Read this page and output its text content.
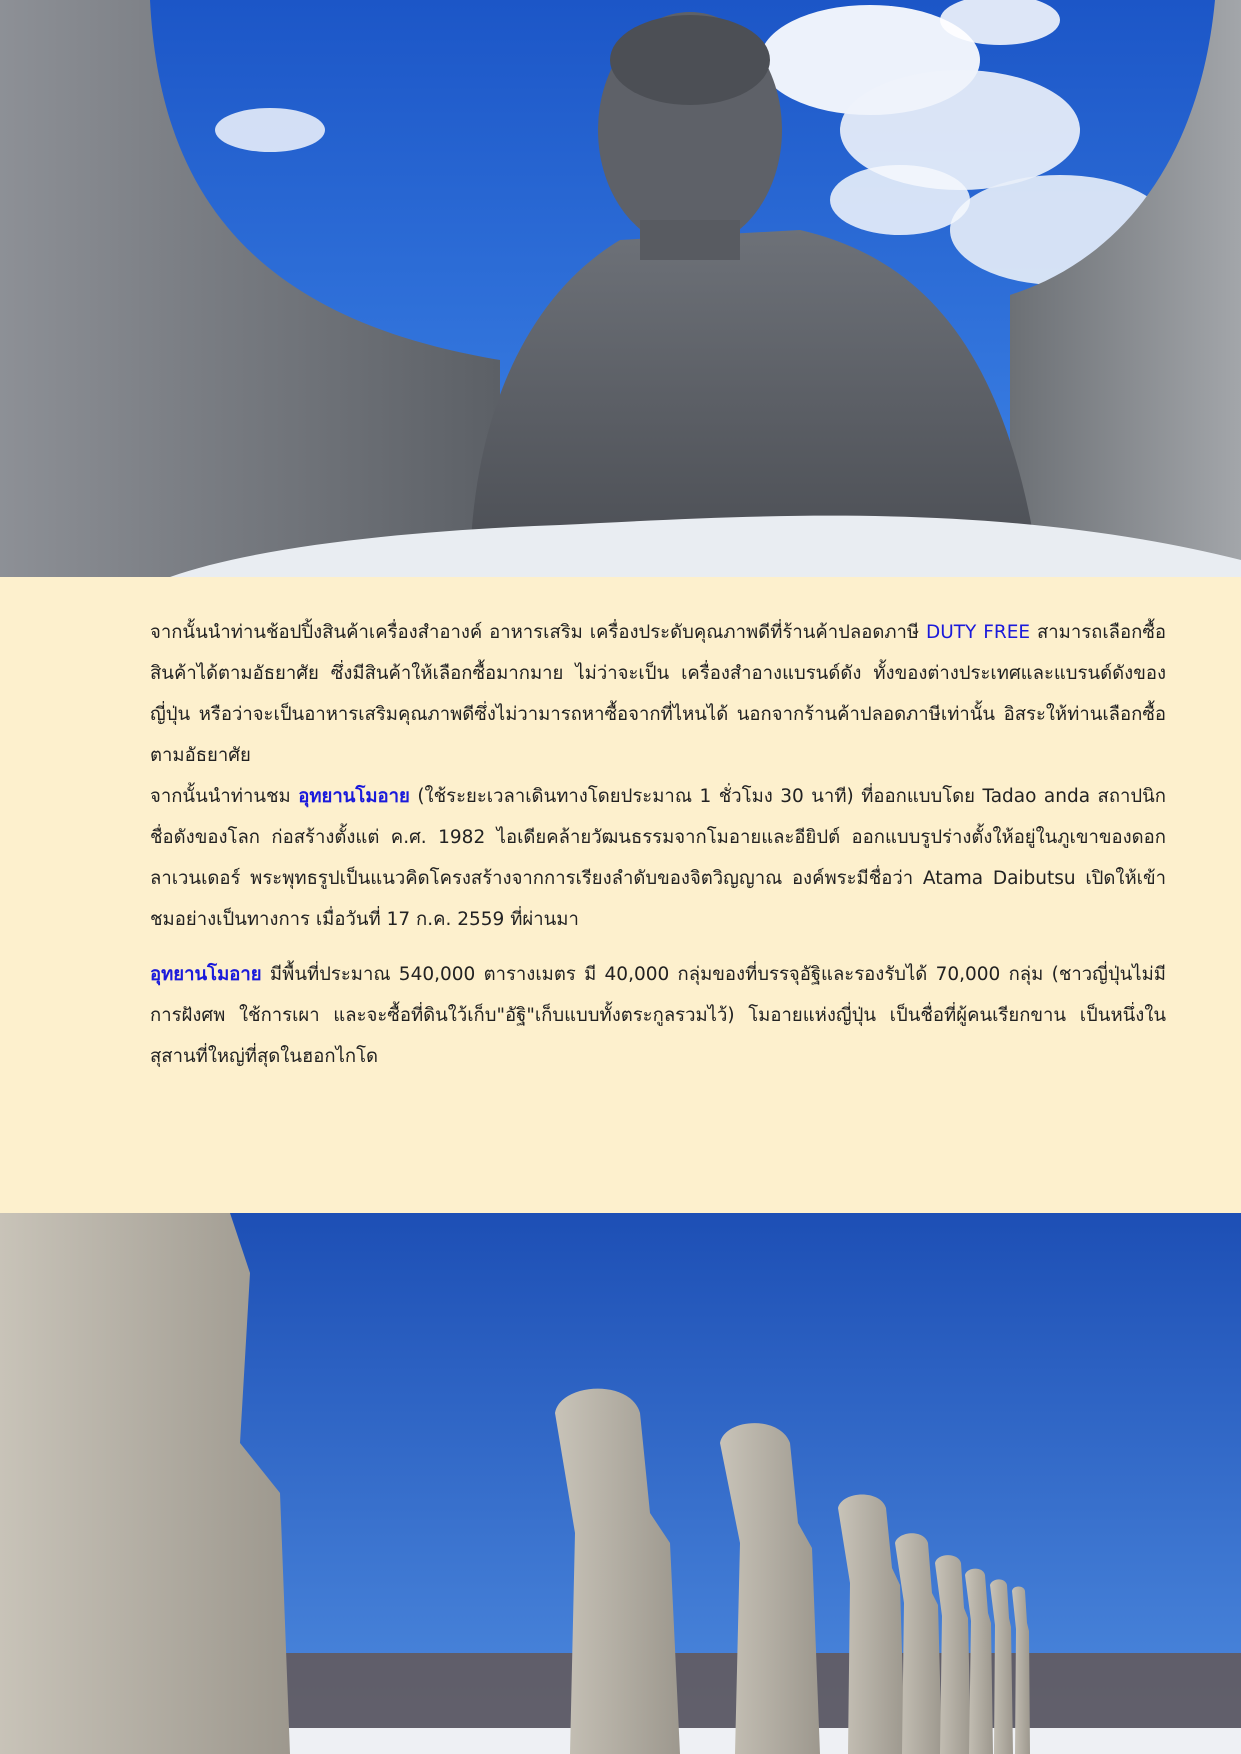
จากนั้นนำท่านช้อปปิ้งสินค้าเครื่องสำอางค์ อาหารเสริม เครื่องประดับคุณภาพดีที่ร้านค้าปลอดภาษี DUTY FREE สามารถเลือกซื้อสินค้าได้ตามอัธยาศัย ซึ่งมีสินค้าให้เลือกซื้อมากมาย ไม่ว่าจะเป็น เครื่องสำอางแบรนด์ดัง ทั้งของต่างประเทศและแบรนด์ดังของญี่ปุ่น หรือว่าจะเป็นอาหารเสริมคุณภาพดีซึ่งไม่วามารถหาซื้อจากที่ไหนได้ นอกจากร้านค้าปลอดภาษีเท่านั้น อิสระให้ท่านเลือกซื้อ ตามอัธยาศัย

จากนั้นนำท่านชม อุทยานโมอาย (ใช้ระยะเวลาเดินทางโดยประมาณ 1 ชั่วโมง 30 นาที) ที่ออกแบบโดย Tadao anda สถาปนิกชื่อดังของโลก ก่อสร้างตั้งแต่ ค.ศ. 1982 ไอเดียคล้ายวัฒนธรรมจากโมอายและอียิปต์ ออกแบบรูปร่างตั้งให้อยู่ในภูเขาของดอกลาเวนเดอร์ พระพุทธรูปเป็นแนวคิดโครงสร้างจากการเรียงลำดับของจิตวิญญาณ องค์พระมีชื่อว่า Atama Daibutsu เปิดให้เข้าชมอย่างเป็นทางการ เมื่อวันที่ 17 ก.ค. 2559 ที่ผ่านมา

อุทยานโมอาย มีพื้นที่ประมาณ 540,000 ตารางเมตร มี 40,000 กลุ่มของที่บรรจุอัฐิและรองรับได้ 70,000 กลุ่ม (ชาวญี่ปุ่นไม่มีการฝังศพ ใช้การเผา และจะซื้อที่ดินใว้เก็บ"อัฐิ"เก็บแบบทั้งตระกูลรวมไว้) โมอายแห่งญี่ปุ่น เป็นชื่อที่ผู้คนเรียกขาน เป็นหนึ่งในสุสานที่ใหญ่ที่สุดในฮอกไกโด
